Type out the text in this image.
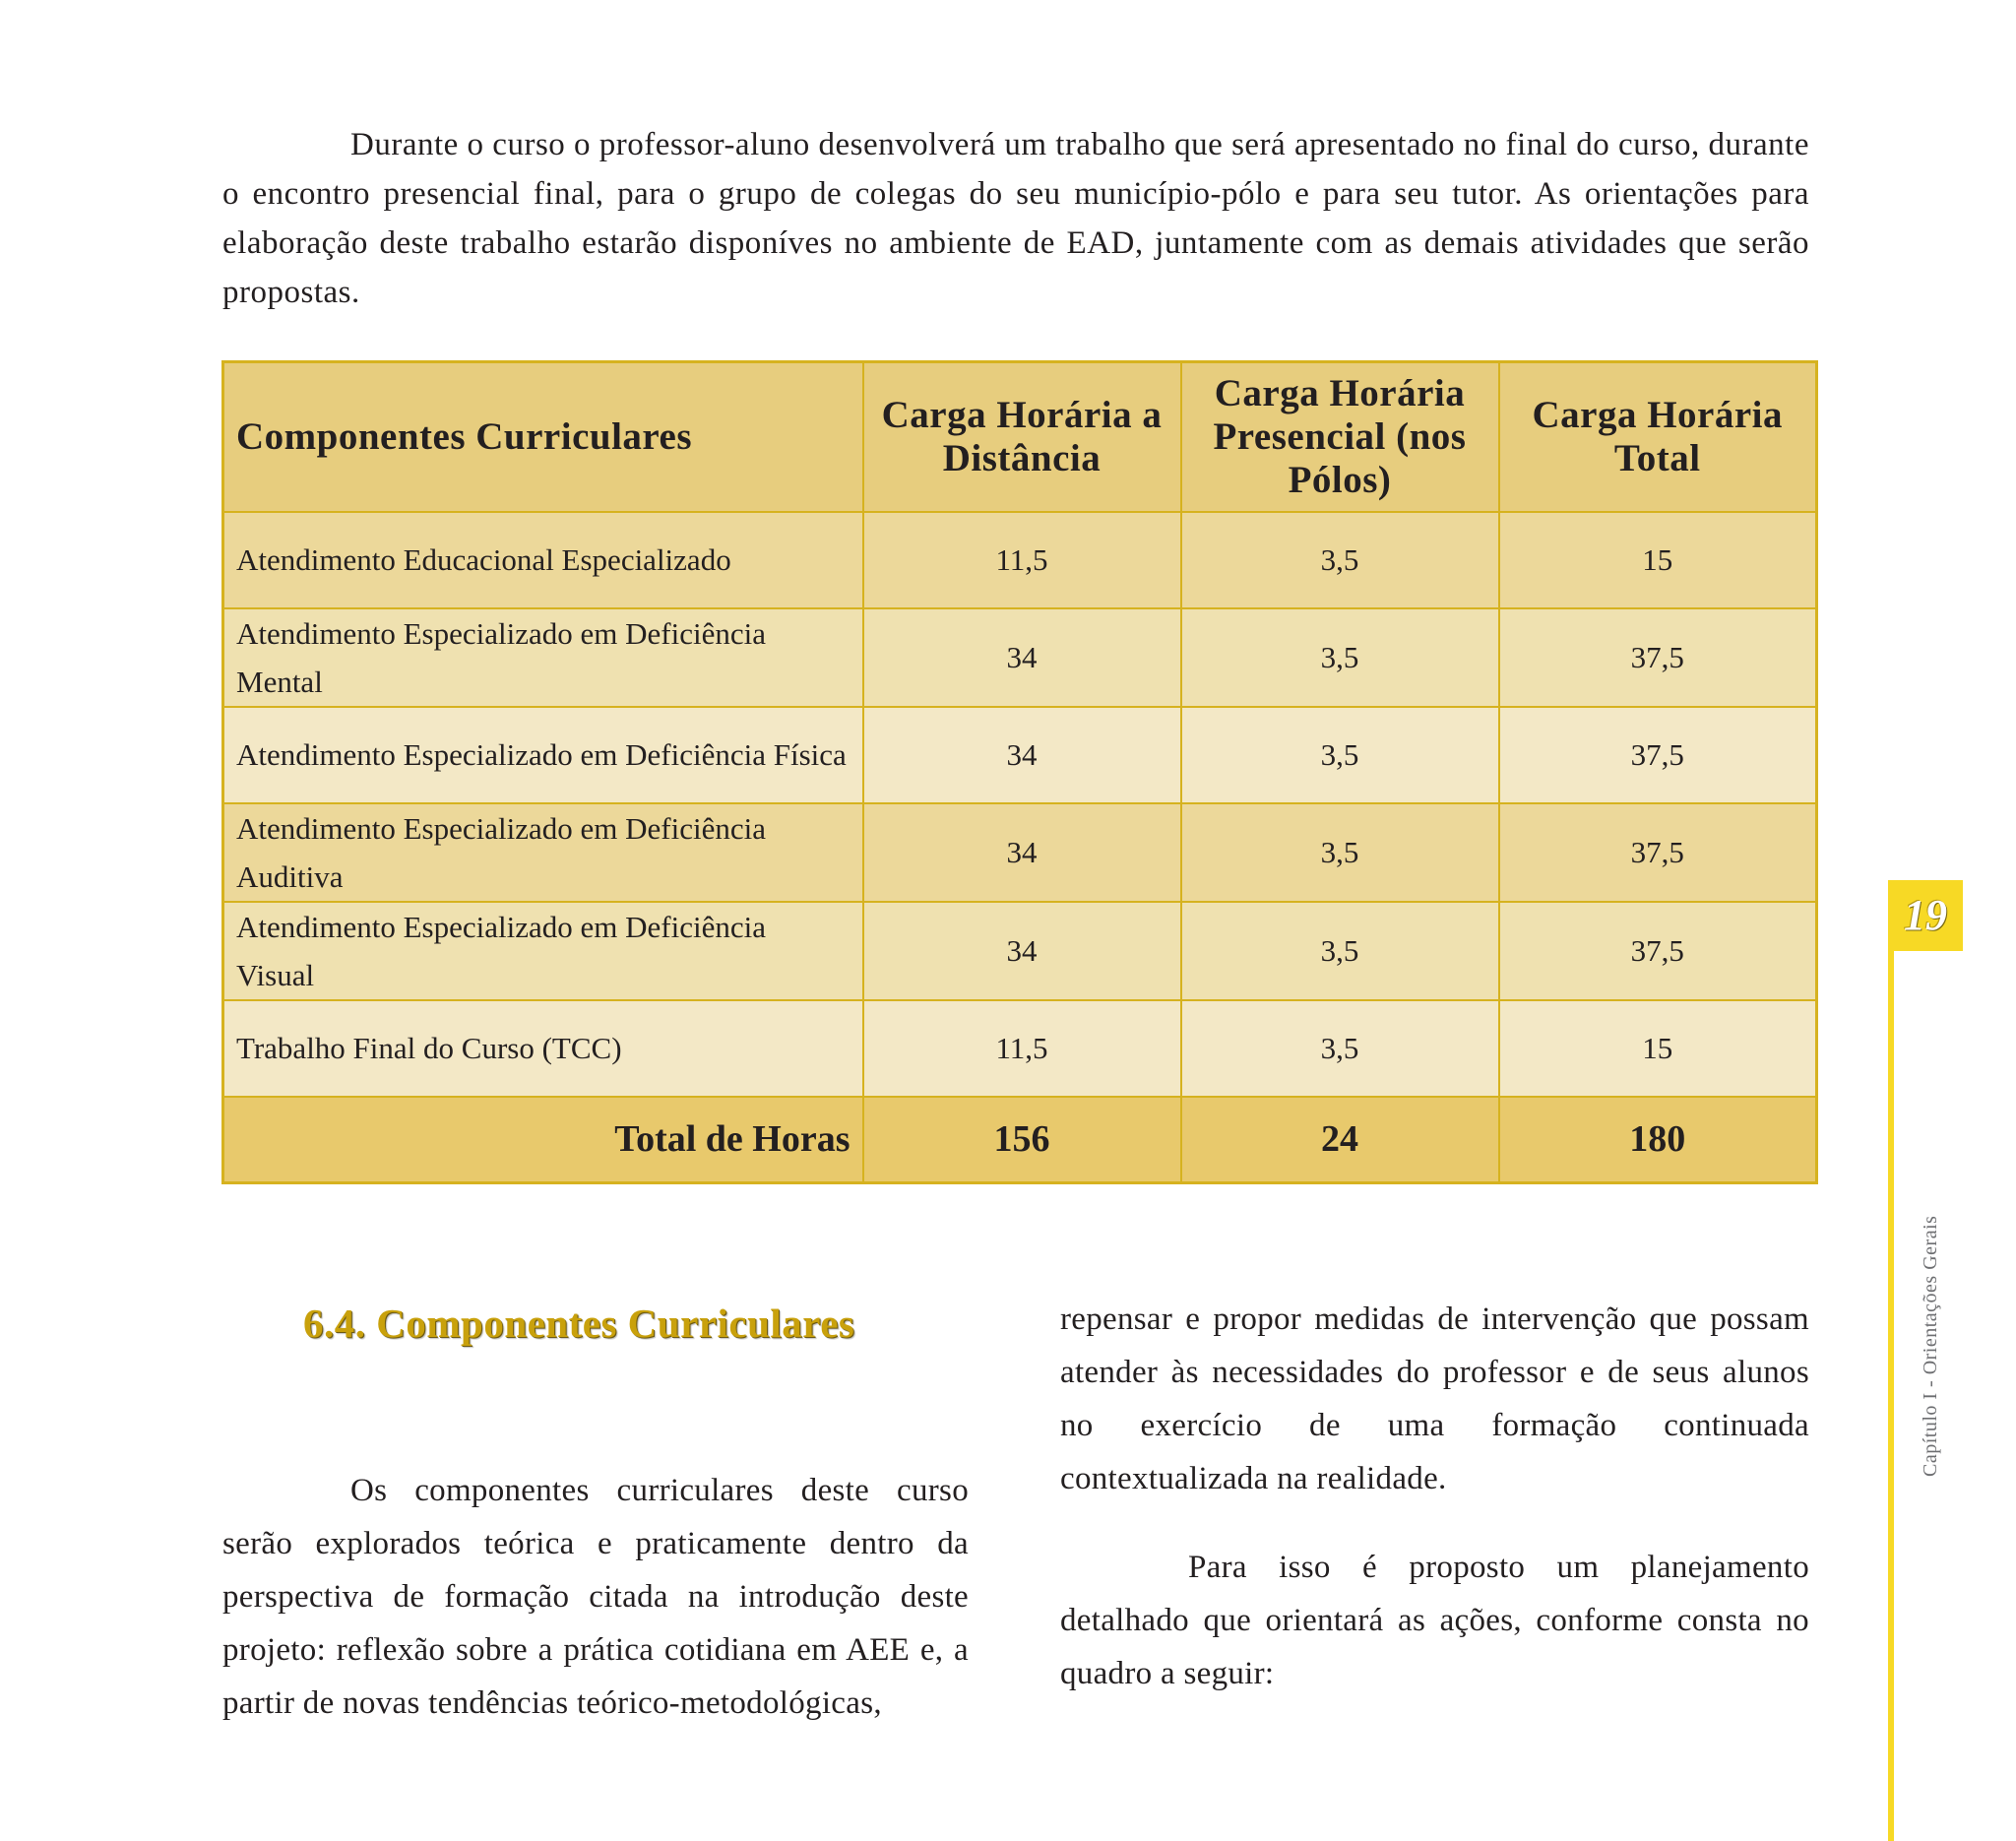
Durante o curso o professor-aluno desenvolverá um trabalho que será apresentado no final do curso, durante o encontro presencial final, para o grupo de colegas do seu município-pólo e para seu tutor. As orientações para elaboração deste trabalho estarão disponíves no ambiente de EAD, juntamente com as demais atividades que serão propostas.

Componentes Curriculares	Carga Horária a Distância	Carga Horária Presencial (nos Pólos)	Carga Horária Total
Atendimento Educacional Especializado	11,5	3,5	15
Atendimento Especializado em Deficiência Mental	34	3,5	37,5
Atendimento Especializado em Deficiência Física	34	3,5	37,5
Atendimento Especializado em Deficiência Auditiva	34	3,5	37,5
Atendimento Especializado em Deficiência Visual	34	3,5	37,5
Trabalho Final do Curso (TCC)	11,5	3,5	15
Total de Horas	156	24	180
6.4. Componentes Curriculares

Os componentes curriculares deste curso serão explorados teórica e praticamente dentro da perspectiva de formação citada na introdução deste projeto: reflexão sobre a prática cotidiana em AEE e, a partir de novas tendências teórico-metodológicas,

repensar e propor medidas de intervenção que possam atender às necessidades do professor e de seus alunos no exercício de uma formação continuada contextualizada na realidade.

Para isso é proposto um planejamento detalhado que orientará as ações, conforme consta no quadro a seguir:

19
Capítulo I - Orientações Gerais
